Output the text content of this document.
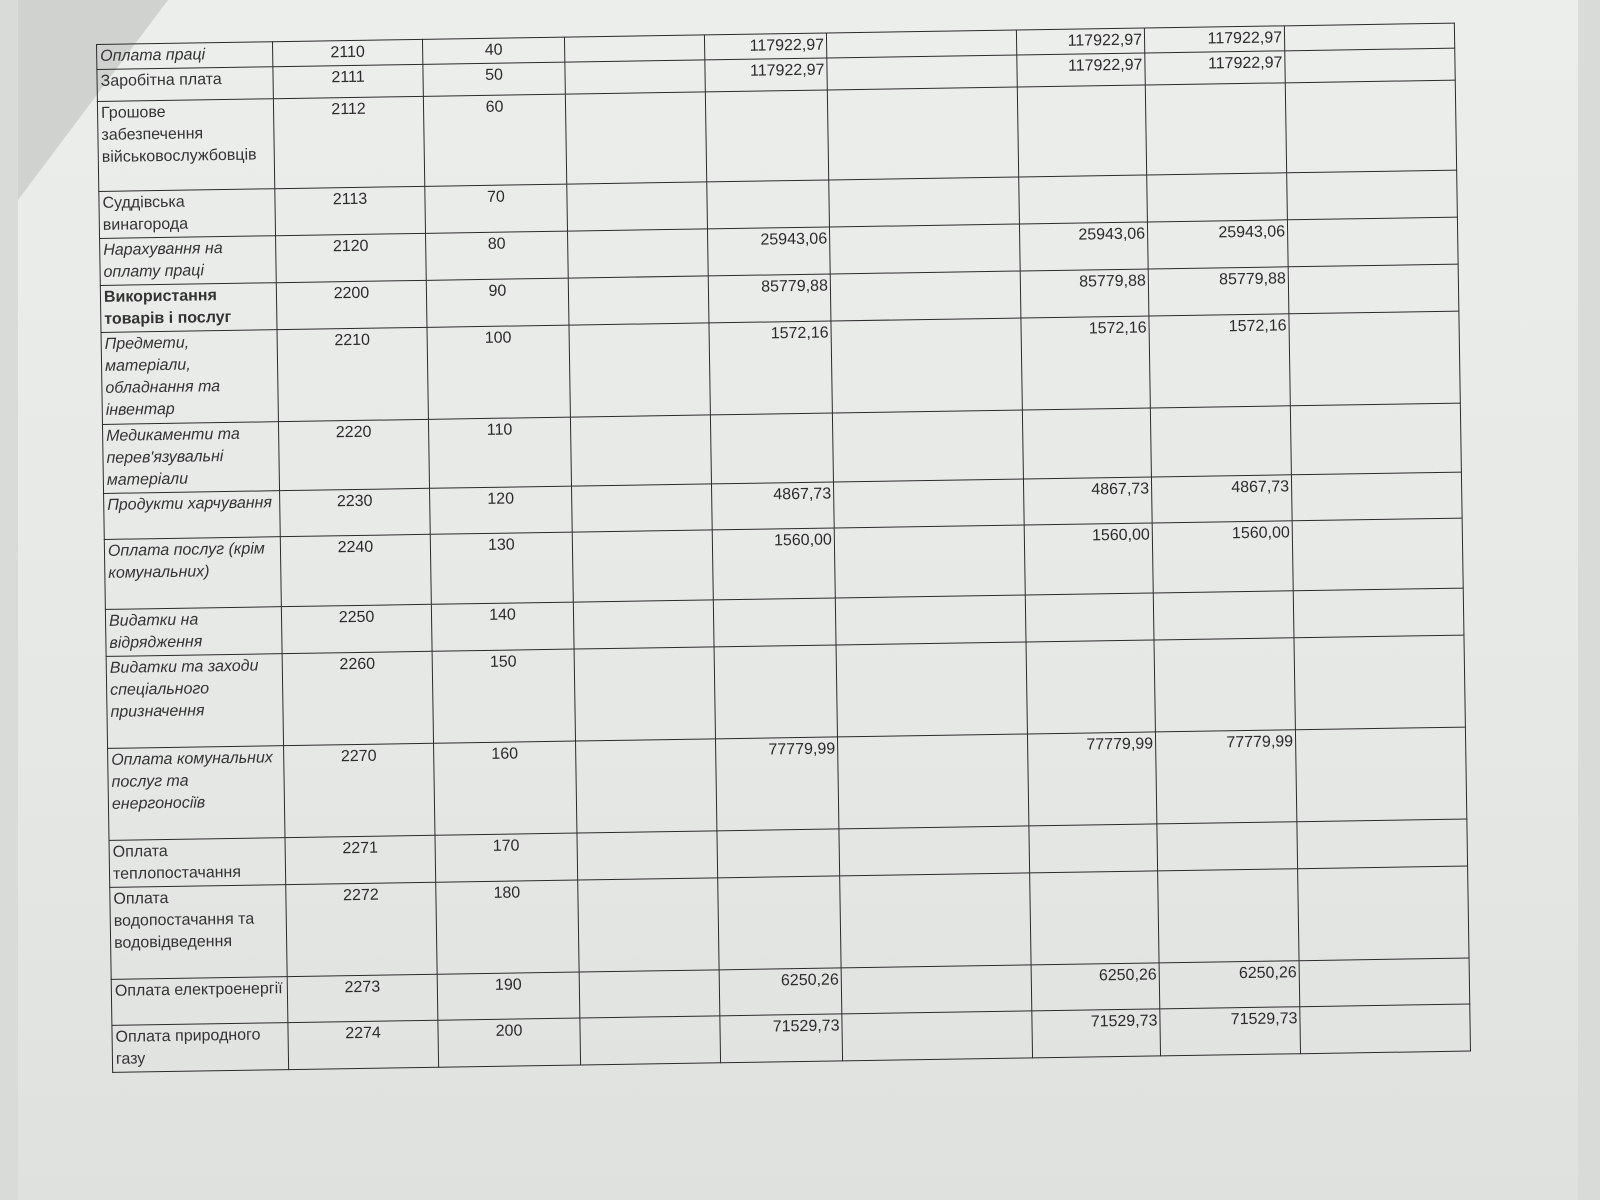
Оплата праці	2110	40		117922,97		117922,97	117922,97	
Заробітна плата	2111	50		117922,97		117922,97	117922,97	
Грошове забезпечення військовослужбовців	2112	60						
Суддівська винагорода	2113	70						
Нарахування на оплату праці	2120	80		25943,06		25943,06	25943,06	
Використання товарів і послуг	2200	90		85779,88		85779,88	85779,88	
Предмети, матеріали, обладнання та інвентар	2210	100		1572,16		1572,16	1572,16	
Медикаменти та перев'язувальні матеріали	2220	110						
Продукти харчування	2230	120		4867,73		4867,73	4867,73	
Оплата послуг (крім комунальних)	2240	130		1560,00		1560,00	1560,00	
Видатки на відрядження	2250	140						
Видатки та заходи спеціального призначення	2260	150						
Оплата комунальних послуг та енергоносіїв	2270	160		77779,99		77779,99	77779,99	
Оплата теплопостачання	2271	170						
Оплата водопостачання та водовідведення	2272	180						
Оплата електроенергії	2273	190		6250,26		6250,26	6250,26	
Оплата природного газу	2274	200		71529,73		71529,73	71529,73	
